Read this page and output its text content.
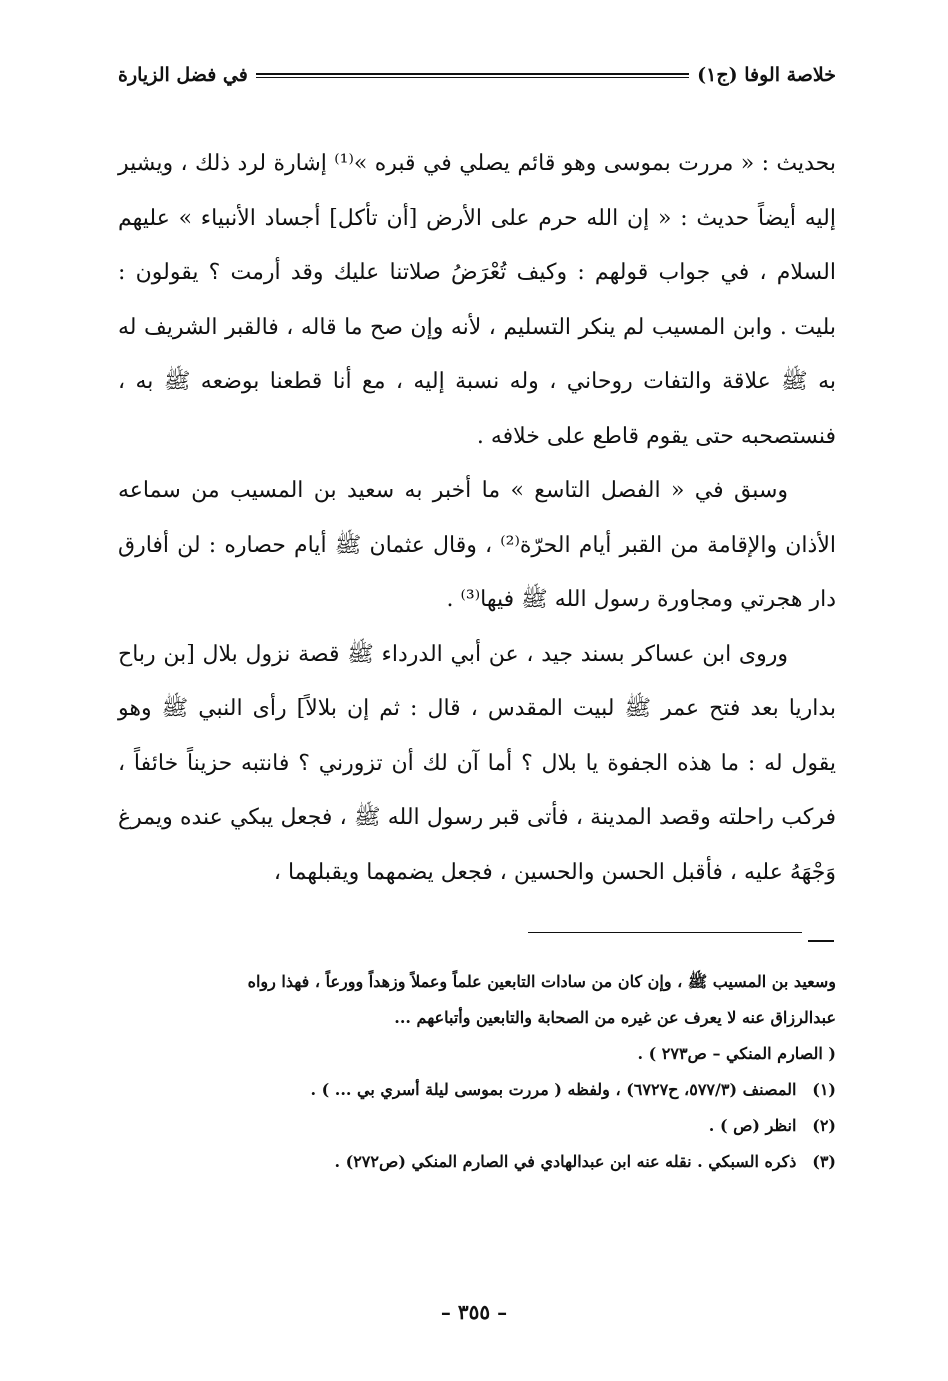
خلاصة الوفا (ج١)
في فضل الزيارة

بحديث : « مررت بموسى وهو قائم يصلي في قبره »⁽¹⁾ إشارة لرد ذلك ، ويشير إليه أيضاً حديث : « إن الله حرم على الأرض [أن تأكل] أجساد الأنبياء » عليهم السلام ، في جواب قولهم : وكيف تُعْرَضُ صلاتنا عليك وقد أرمت ؟ يقولون : بليت . وابن المسيب لم ينكر التسليم ، لأنه وإن صح ما قاله ، فالقبر الشريف له به ﷺ علاقة والتفات روحاني ، وله نسبة إليه ، مع أنا قطعنا بوضعه ﷺ به ، فنستصحبه حتى يقوم قاطع على خلافه .

وسبق في « الفصل التاسع » ما أخبر به سعيد بن المسيب من سماعه الأذان والإقامة من القبر أيام الحرّة⁽²⁾ ، وقال عثمان ﷺ أيام حصاره : لن أفارق دار هجرتي ومجاورة رسول الله ﷺ فيها⁽³⁾ .

وروى ابن عساكر بسند جيد ، عن أبي الدرداء ﷺ قصة نزول بلال [بن رباح بداريا بعد فتح عمر ﷺ لبيت المقدس ، قال : ثم إن بلالاً] رأى النبي ﷺ وهو يقول له : ما هذه الجفوة يا بلال ؟ أما آن لك أن تزورني ؟ فانتبه حزيناً خائفاً ، فركب راحلته وقصد المدينة ، فأتى قبر رسول الله ﷺ ، فجعل يبكي عنده ويمرغ وَجْهَهُ عليه ، فأقبل الحسن والحسين ، فجعل يضمهما ويقبلهما ،

وسعيد بن المسيب ﷺ ، وإن كان من سادات التابعين علماً وعملاً وزهداً وورعاً ، فهذا رواه
عبدالرزاق عنه لا يعرف عن غيره من الصحابة والتابعين وأتباعهم ...
( الصارم المنكي – ص٢٧٣ ) .
(١) المصنف (٥٧٧/٣، ح٦٧٢٧) ، ولفظه ( مررت بموسى ليلة أسري بي ... ) .
(٢) انظر (ص ) .
(٣) ذكره السبكي . نقله عنه ابن عبدالهادي في الصارم المنكي (ص٢٧٢) .
– ٣٥٥ –
